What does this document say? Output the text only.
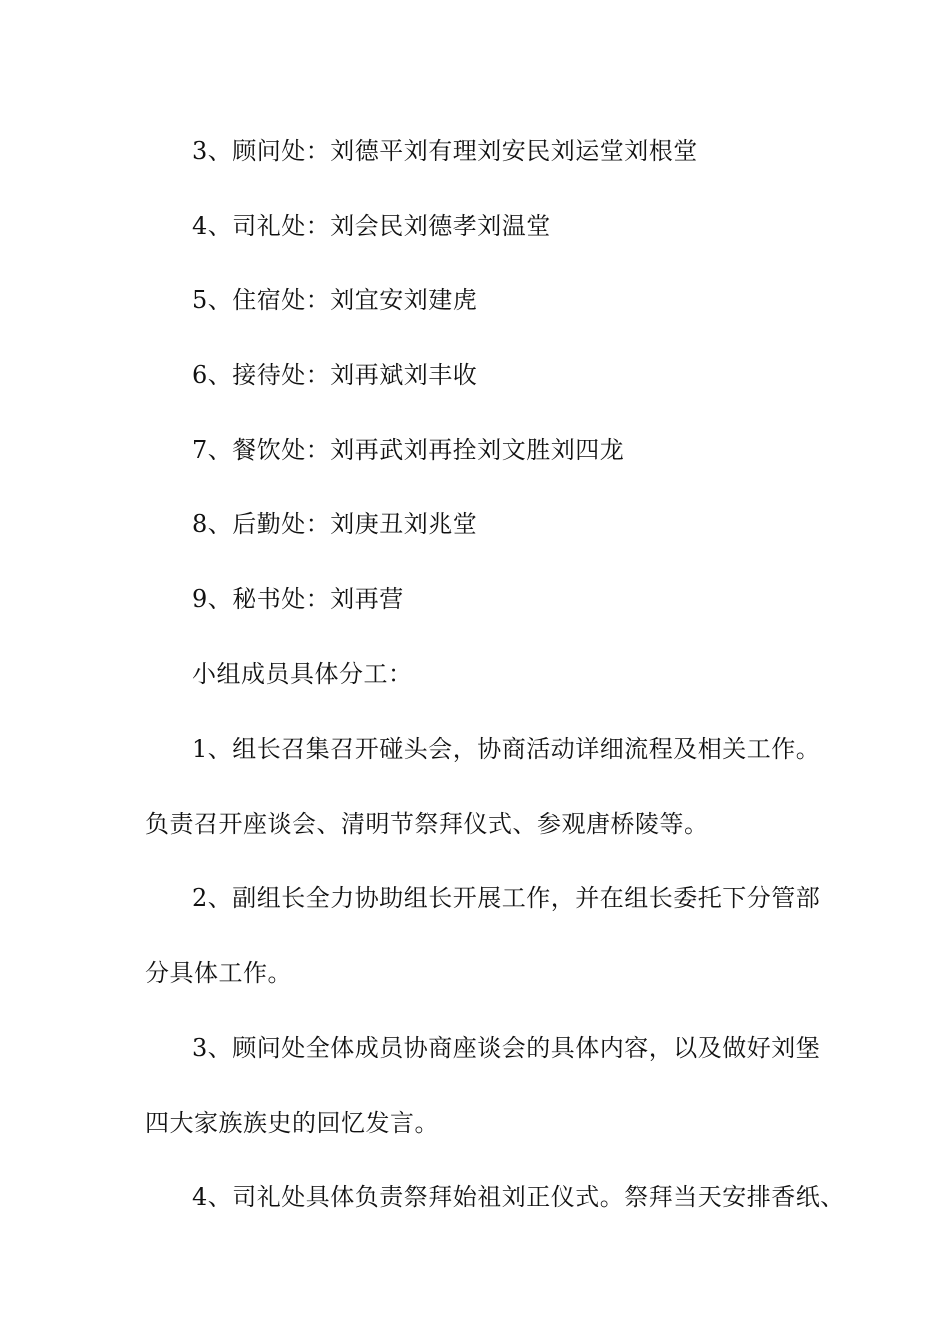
3、顾问处：刘德平刘有理刘安民刘运堂刘根堂
4、司礼处：刘会民刘德孝刘温堂
5、住宿处：刘宜安刘建虎
6、接待处：刘再斌刘丰收
7、餐饮处：刘再武刘再拴刘文胜刘四龙
8、后勤处：刘庚丑刘兆堂
9、秘书处：刘再营
小组成员具体分工：
1、组长召集召开碰头会，协商活动详细流程及相关工作。
负责召开座谈会、清明节祭拜仪式、参观唐桥陵等。
2、副组长全力协助组长开展工作，并在组长委托下分管部
分具体工作。
3、顾问处全体成员协商座谈会的具体内容，以及做好刘堡
四大家族族史的回忆发言。
4、司礼处具体负责祭拜始祖刘正仪式。祭拜当天安排香纸、
